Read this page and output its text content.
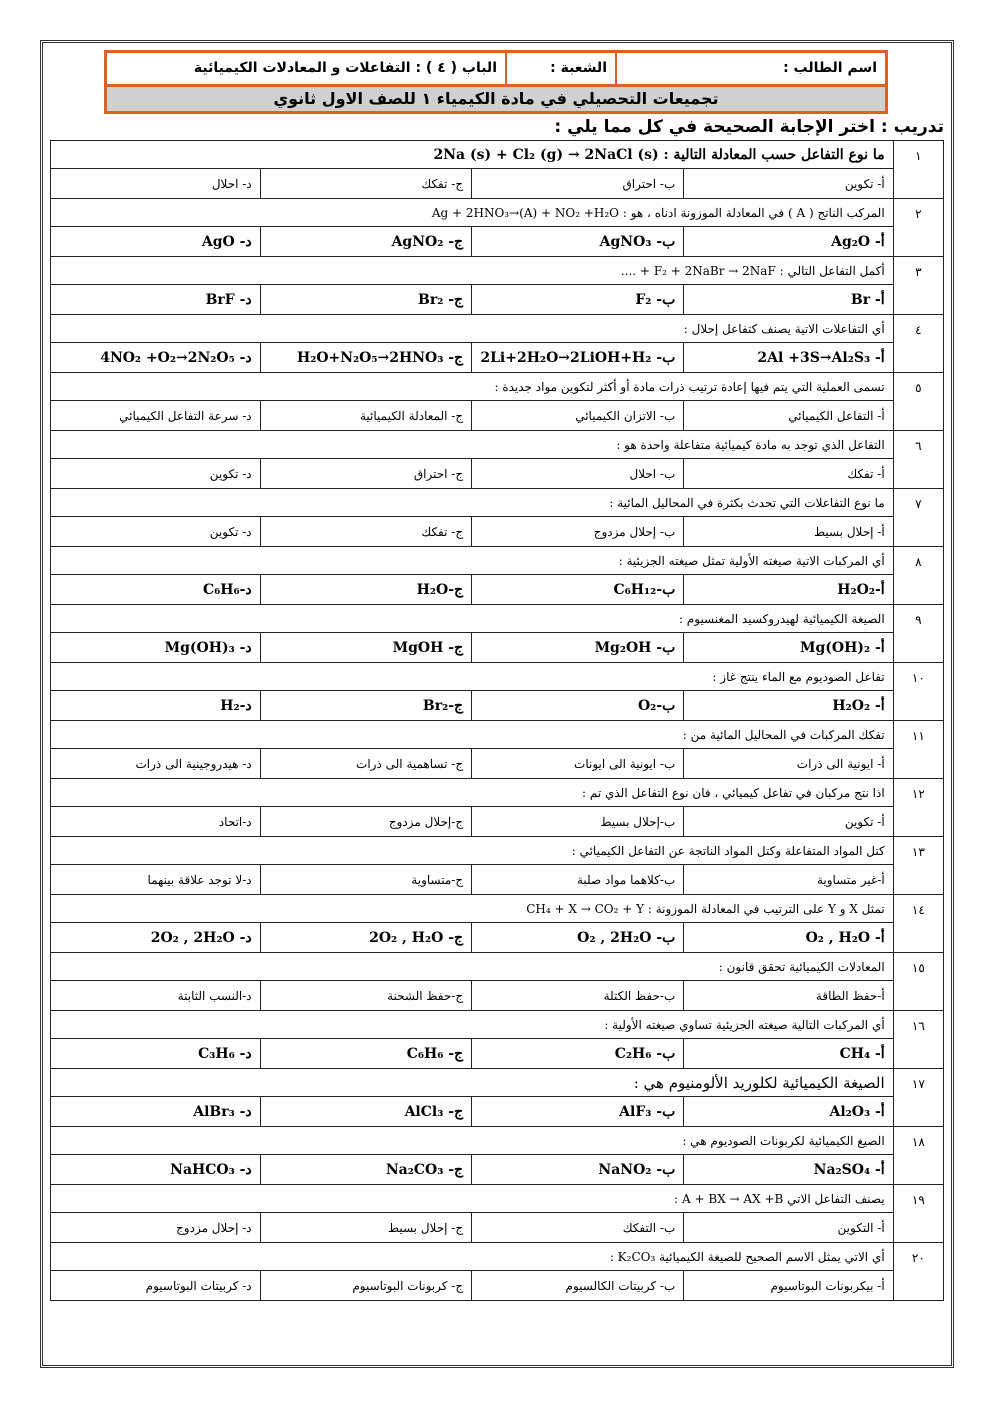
اسم الطالب :
الشعبة :
الباب ( ٤ ) : التفاعلات و المعادلات الكيميائية
تجميعات التحصيلي في مادة الكيمياء ١ للصف الاول ثانوي
تدريب : اختر الإجابة الصحيحة في كل مما يلي :
١	ما نوع التفاعل حسب المعادلة التالية : 2Na (s) + Cl₂ (g) → 2NaCl (s)			
	أ- تكوين	ب- احتراق	ج- تفكك	د- احلال
٢	المركب الناتج ( A ) في المعادلة الموزونة ادناه ، هو : Ag + 2HNO₃→(A) + NO₂ +H₂O			
	أ- Ag₂O	ب- AgNO₃	ج- AgNO₂	د- AgO
٣	أكمل التفاعل التالي : F₂ + 2NaBr → 2NaF + ....			
	أ- Br	ب- F₂	ج- Br₂	د- BrF
٤	أي التفاعلات الاتية يصنف كتفاعل إحلال :			
	أ- 2Al +3S→Al₂S₃	ب- 2Li+2H₂O→2LiOH+H₂	ج- H₂O+N₂O₅→2HNO₃	د- 4NO₂ +O₂→2N₂O₅
٥	تسمى العملية التي يتم فيها إعادة ترتيب ذرات مادة أو أكثر لتكوين مواد جديدة :			
	أ- التفاعل الكيميائي	ب- الاتزان الكيميائي	ج- المعادلة الكيميائية	د- سرعة التفاعل الكيميائي
٦	التفاعل الذي توجد به مادة كيميائية متفاعلة واحدة هو :			
	أ- تفكك	ب- احلال	ج- احتراق	د- تكوين
٧	ما نوع التفاعلات التي تحدث بكثرة في المحاليل المائية :			
	أ- إحلال بسيط	ب- إحلال مزدوج	ج- تفكك	د- تكوين
٨	أي المركبات الاتية صيغته الأولية تمثل صيغته الجزيئية :			
	أ-H₂O₂	ب-C₆H₁₂	ج-H₂O	د-C₆H₆
٩	الصيغة الكيميائية لهيدروكسيد المغنسيوم :			
	أ- Mg(OH)₂	ب- Mg₂OH	ج- MgOH	د- Mg(OH)₃
١٠	تفاعل الصوديوم مع الماء ينتج غاز :			
	أ- H₂O₂	ب-O₂	ج-Br₂	د-H₂
١١	تفكك المركبات في المحاليل المائية من :			
	أ- ايونية الى ذرات	ب- ايونية الى ايونات	ج- تساهمية الى ذرات	د- هيدروجينية الى ذرات
١٢	اذا نتج مركبان في تفاعل كيميائي ، فان نوع التفاعل الذي تم :			
	أ- تكوين	ب-إحلال بسيط	ج-إحلال مزدوج	د-اتحاد
١٣	كتل المواد المتفاعلة وكتل المواد الناتجة عن التفاعل الكيميائي :			
	أ-غير متساوية	ب-كلاهما مواد صلبة	ج-متساوية	د-لا توجد علاقة بينهما
١٤	تمثل X و Y على الترتيب في المعادلة الموزونة : CH₄ + X → CO₂ + Y			
	أ- O₂ , H₂O	ب- O₂ , 2H₂O	ج- 2O₂ , H₂O	د- 2O₂ , 2H₂O
١٥	المعادلات الكيميائية تحقق قانون :			
	أ-حفظ الطاقة	ب-حفظ الكتلة	ج-حفظ الشحنة	د-النسب الثابتة
١٦	أي المركبات التالية صيغته الجزيئية تساوي صيغته الأولية :			
	أ- CH₄	ب- C₂H₆	ج- C₆H₆	د- C₃H₆
١٧	الصيغة الكيميائية لكلوريد الألومنيوم هي :			
	أ- Al₂O₃	ب- AlF₃	ج- AlCl₃	د- AlBr₃
١٨	الصيغ الكيميائية لكربونات الصوديوم هي :			
	أ- Na₂SO₄	ب- NaNO₂	ج- Na₂CO₃	د- NaHCO₃
١٩	يصنف التفاعل الاتي A + BX → AX +B :			
	أ- التكوين	ب- التفكك	ج- إحلال بسيط	د- إحلال مزدوج
٢٠	أي الاتي يمثل الاسم الصحيح للصيغة الكيميائية K₂CO₃ :			
	أ- بيكربونات البوتاسيوم	ب- كربيتات الكالسيوم	ج- كربونات البوتاسيوم	د- كربيتات البوتاسيوم
